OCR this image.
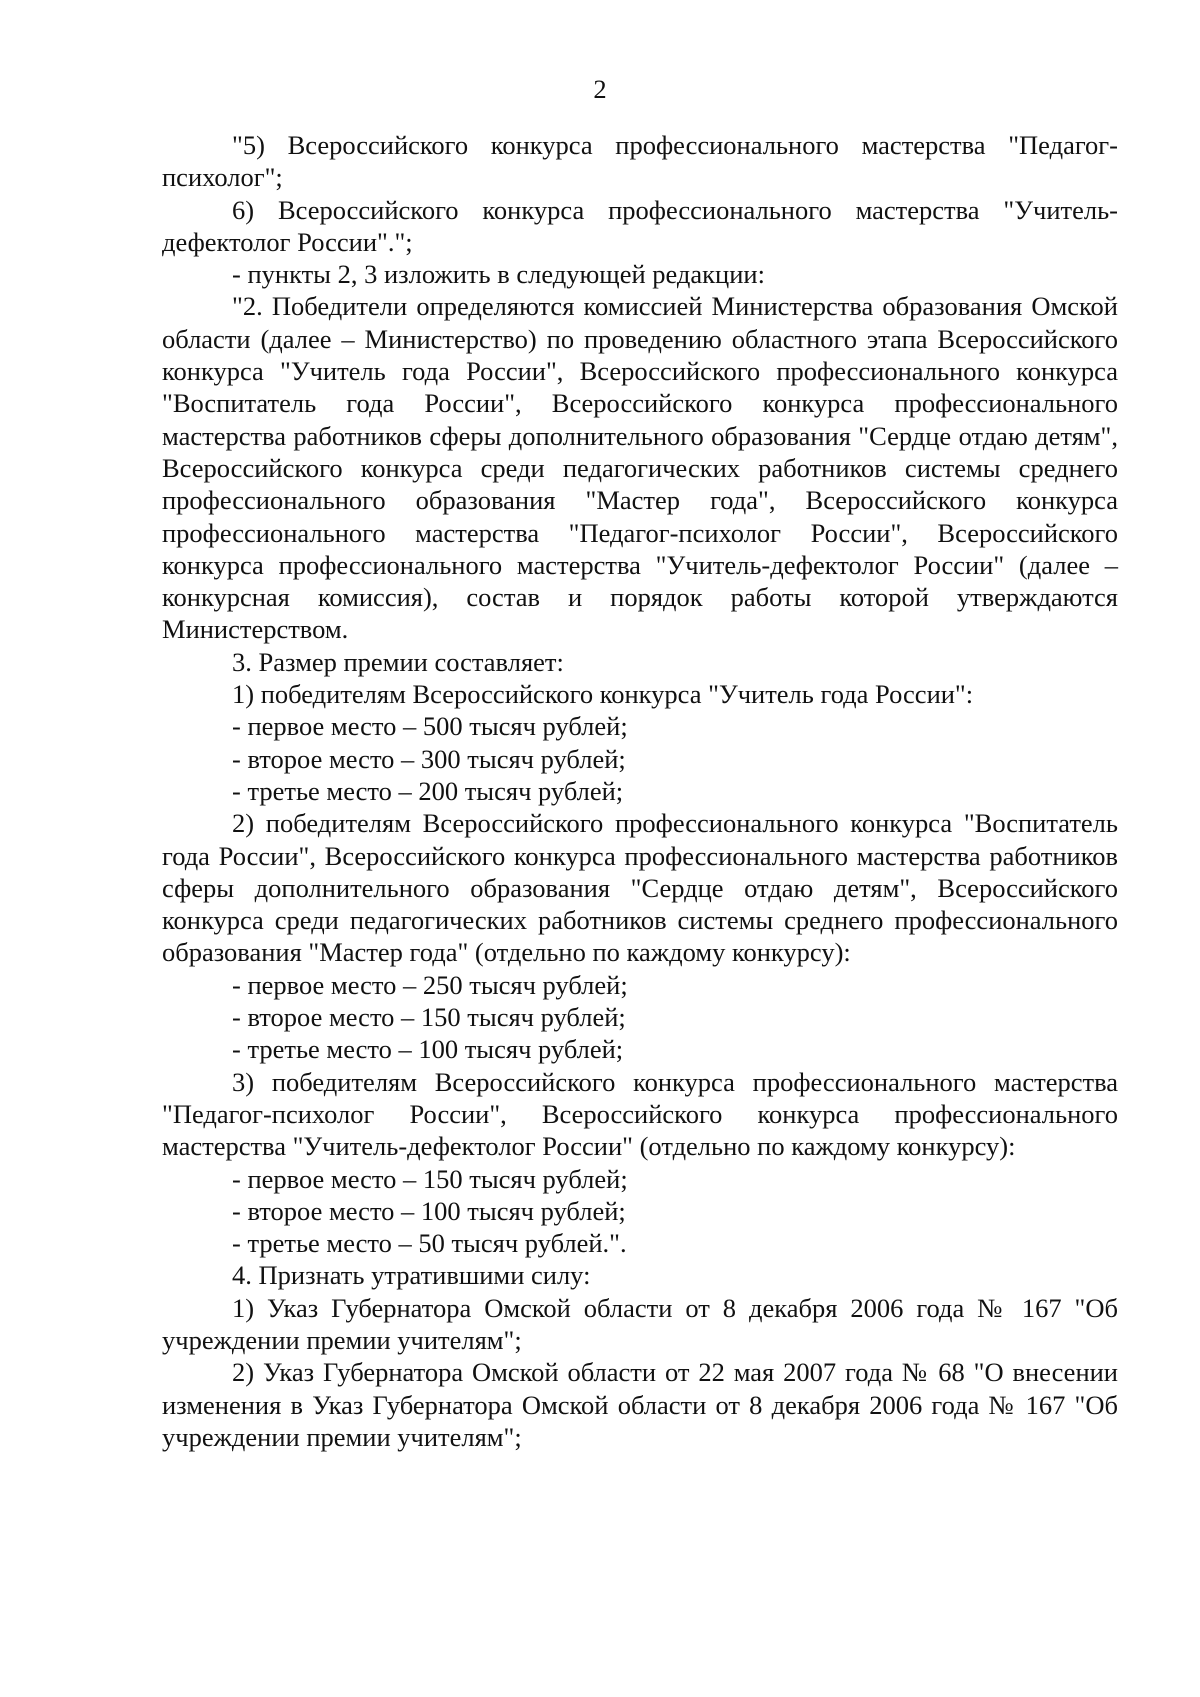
2

"5) Всероссийского конкурса профессионального мастерства "Педагог-психолог";

6) Всероссийского конкурса профессионального мастерства "Учитель-дефектолог России".";

- пункты 2, 3 изложить в следующей редакции:

"2. Победители определяются комиссией Министерства образования Омской области (далее – Министерство) по проведению областного этапа Всероссийского конкурса "Учитель года России", Всероссийского профессионального конкурса "Воспитатель года России", Всероссийского конкурса профессионального мастерства работников сферы дополнительного образования "Сердце отдаю детям", Всероссийского конкурса среди педагогических работников системы среднего профессионального образования "Мастер года", Всероссийского конкурса профессионального мастерства "Педагог-психолог России", Всероссийского конкурса профессионального мастерства "Учитель-дефектолог России" (далее – конкурсная комиссия), состав и порядок работы которой утверждаются Министерством.

3. Размер премии составляет:

1) победителям Всероссийского конкурса "Учитель года России":

- первое место – 500 тысяч рублей;

- второе место – 300 тысяч рублей;

- третье место – 200 тысяч рублей;

2) победителям Всероссийского профессионального конкурса "Воспитатель года России", Всероссийского конкурса профессионального мастерства работников сферы дополнительного образования "Сердце отдаю детям", Всероссийского конкурса среди педагогических работников системы среднего профессионального образования "Мастер года" (отдельно по каждому конкурсу):

- первое место – 250 тысяч рублей;

- второе место – 150 тысяч рублей;

- третье место – 100 тысяч рублей;

3) победителям Всероссийского конкурса профессионального мастерства "Педагог-психолог России", Всероссийского конкурса профессионального мастерства "Учитель-дефектолог России" (отдельно по каждому конкурсу):

- первое место – 150 тысяч рублей;

- второе место – 100 тысяч рублей;

- третье место – 50 тысяч рублей.".

4. Признать утратившими силу:

1) Указ Губернатора Омской области от 8 декабря 2006 года № 167 "Об учреждении премии учителям";

2) Указ Губернатора Омской области от 22 мая 2007 года № 68 "О внесении изменения в Указ Губернатора Омской области от 8 декабря 2006 года № 167 "Об учреждении премии учителям";
